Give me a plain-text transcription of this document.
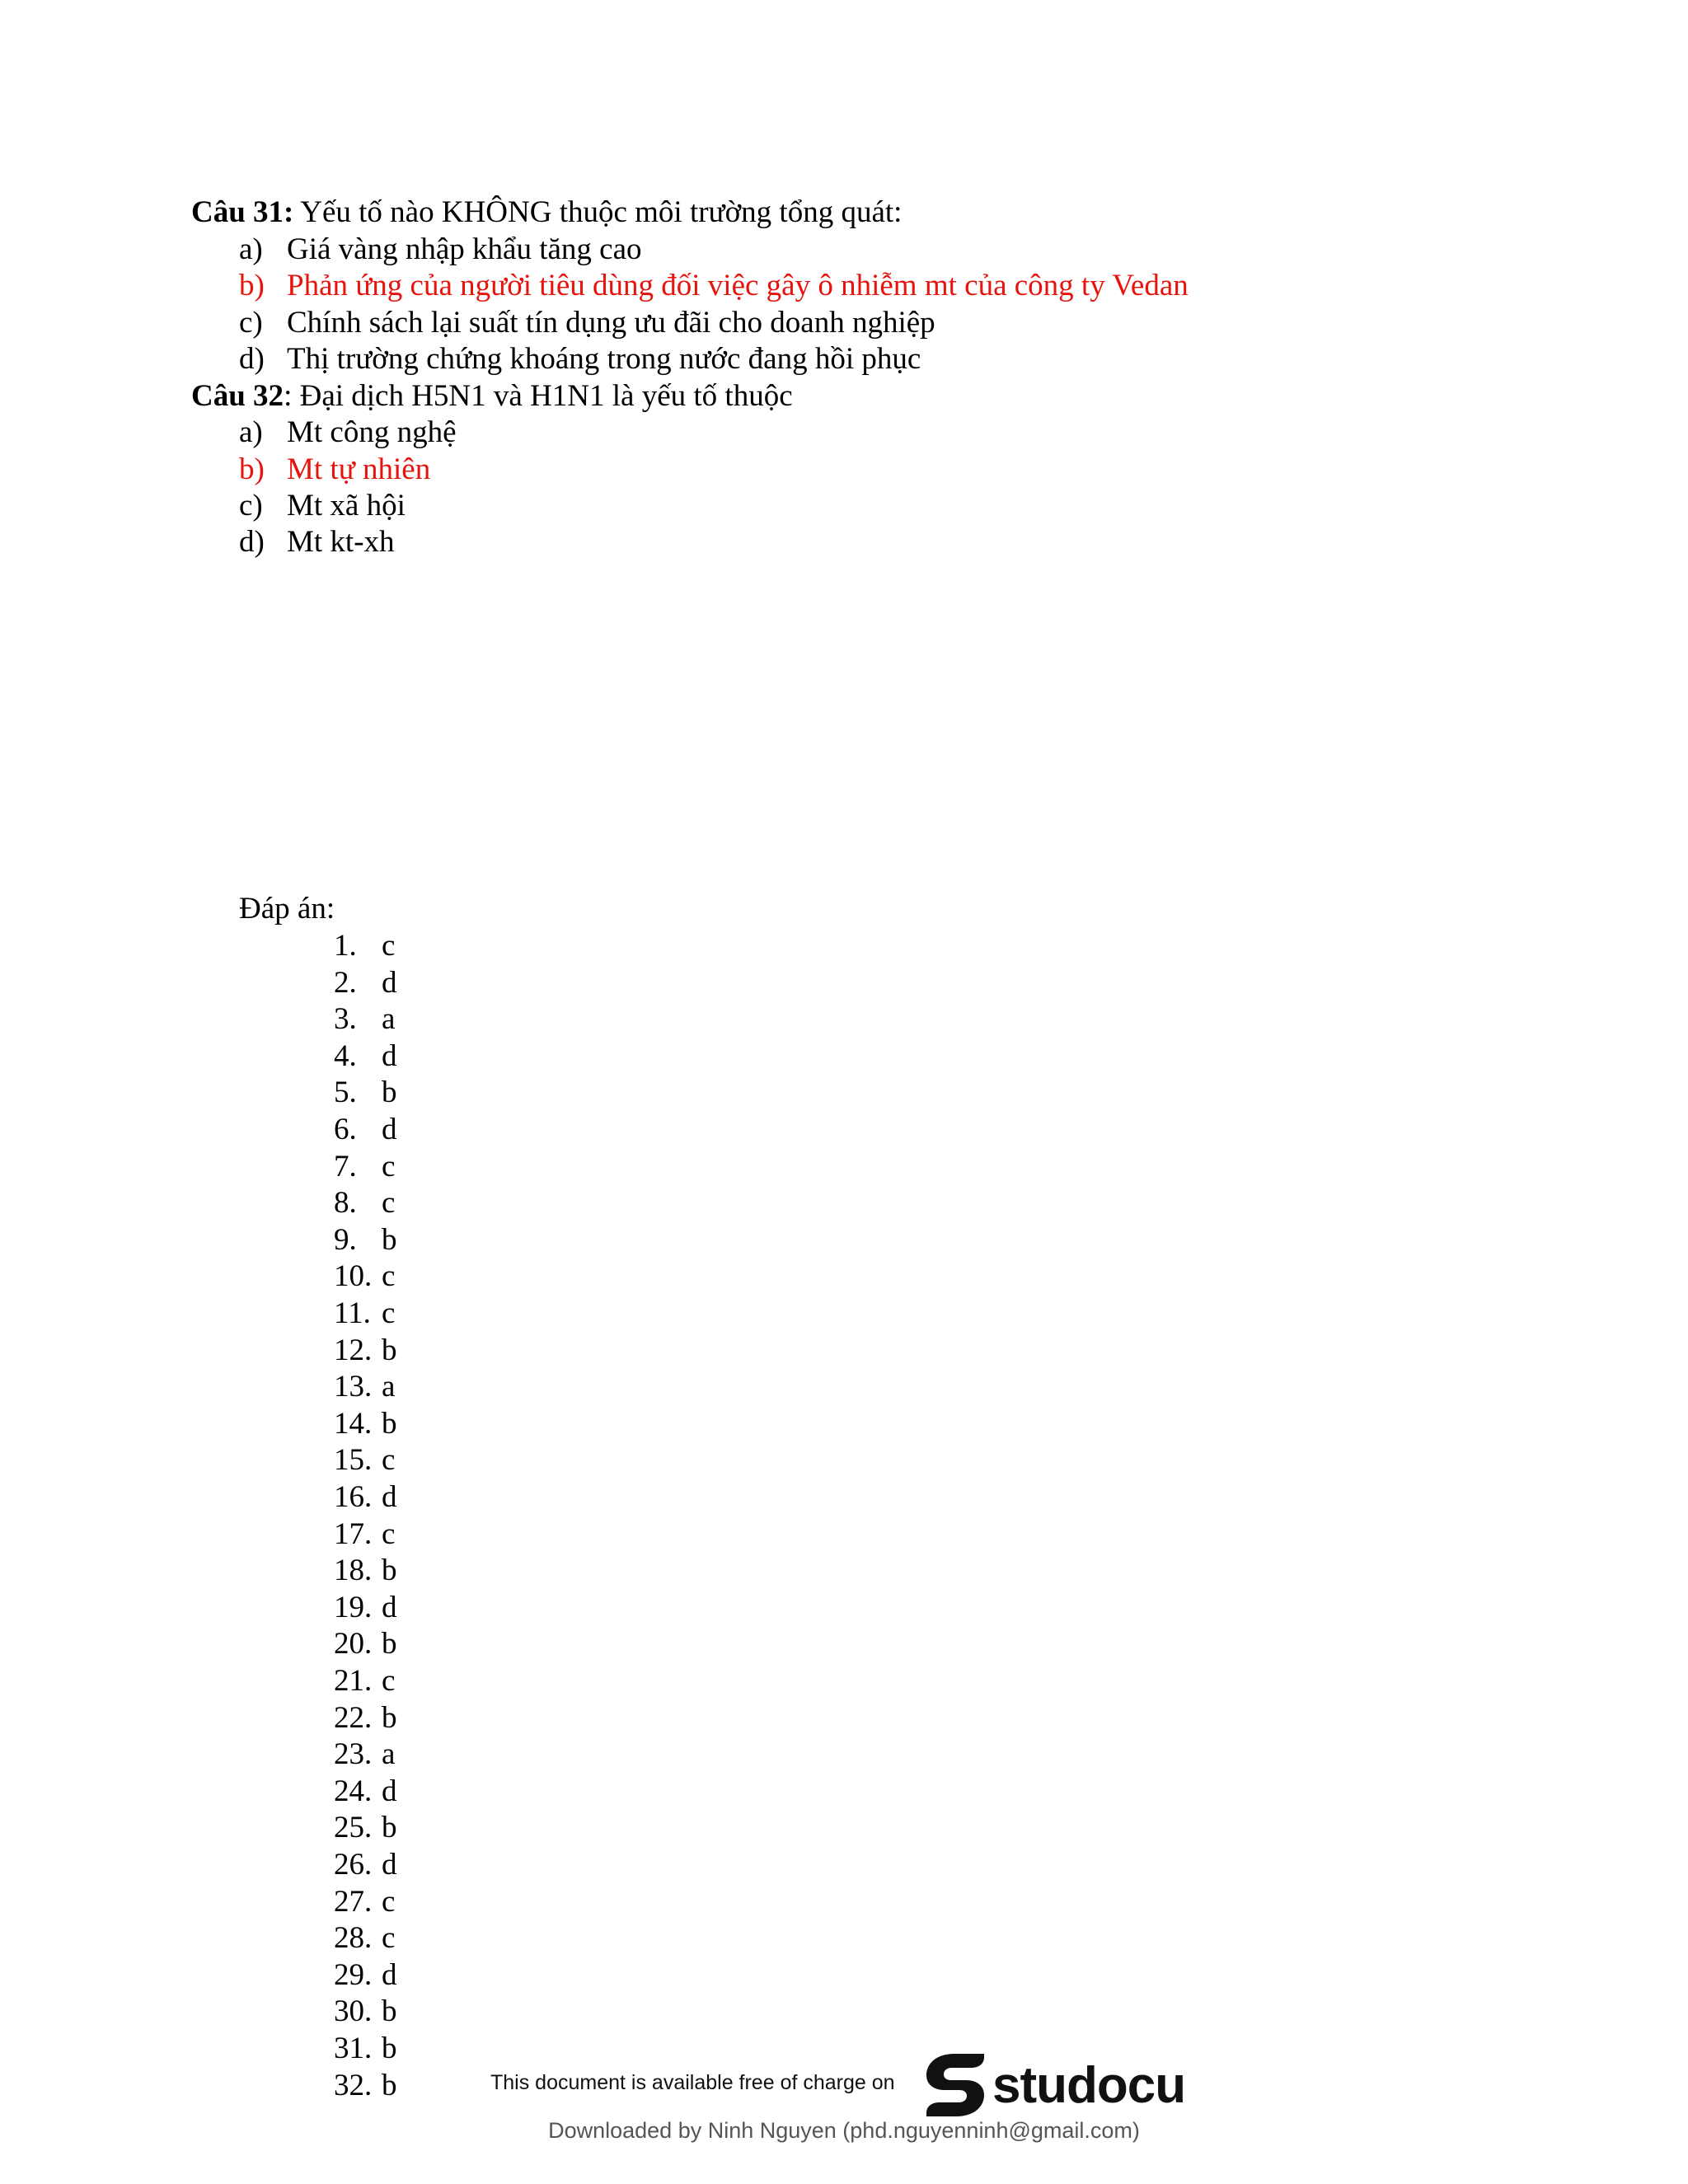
Câu 31: Yếu tố nào KHÔNG thuộc môi trường tổng quát:
a) Giá vàng nhập khẩu tăng cao
b) Phản ứng của người tiêu dùng đối việc gây ô nhiễm mt của công ty Vedan
c) Chính sách lại suất tín dụng ưu đãi cho doanh nghiệp
d) Thị trường chứng khoáng trong nước đang hồi phục
Câu 32: Đại dịch H5N1 và H1N1 là yếu tố thuộc
a) Mt công nghệ
b) Mt tự nhiên
c) Mt xã hội
d) Mt kt-xh
Đáp án:
1. c
2. d
3. a
4. d
5. b
6. d
7. c
8. c
9. b
10. c
11. c
12. b
13. a
14. b
15. c
16. d
17. c
18. b
19. d
20. b
21. c
22. b
23. a
24. d
25. b
26. d
27. c
28. c
29. d
30. b
31. b
32. b	This document is available free of charge on studocu
Downloaded by Ninh Nguyen (phd.nguyenninh@gmail.com)
